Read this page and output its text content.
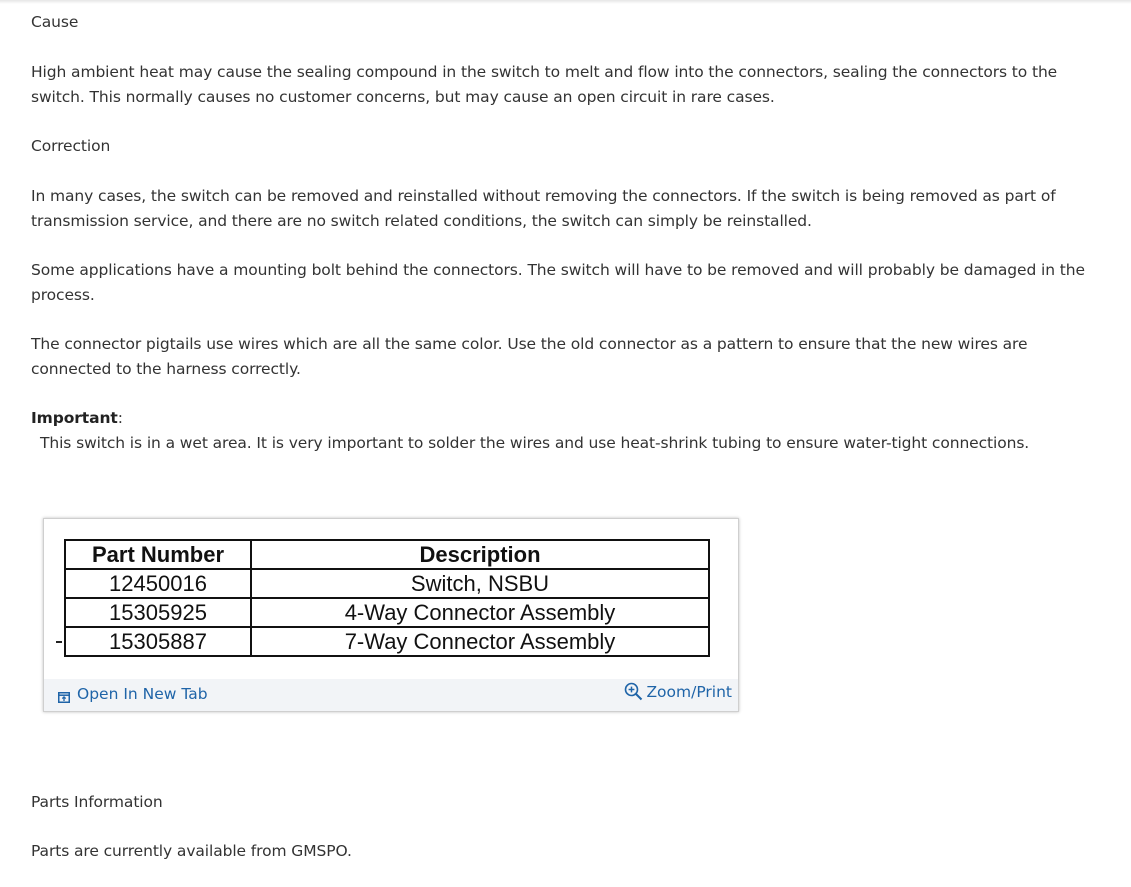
Cause

High ambient heat may cause the sealing compound in the switch to melt and flow into the connectors, sealing the connectors to the switch. This normally causes no customer concerns, but may cause an open circuit in rare cases.

Correction

In many cases, the switch can be removed and reinstalled without removing the connectors. If the switch is being removed as part of transmission service, and there are no switch related conditions, the switch can simply be reinstalled.

Some applications have a mounting bolt behind the connectors. The switch will have to be removed and will probably be damaged in the process.

The connector pigtails use wires which are all the same color. Use the old connector as a pattern to ensure that the new wires are connected to the harness correctly.

Important:

This switch is in a wet area. It is very important to solder the wires and use heat-shrink tubing to ensure water-tight connections.

Part Number	Description
12450016	Switch, NSBU
15305925	4-Way Connector Assembly
15305887	7-Way Connector Assembly
Open In New Tab	Zoom/Print

Parts Information

Parts are currently available from GMSPO.
